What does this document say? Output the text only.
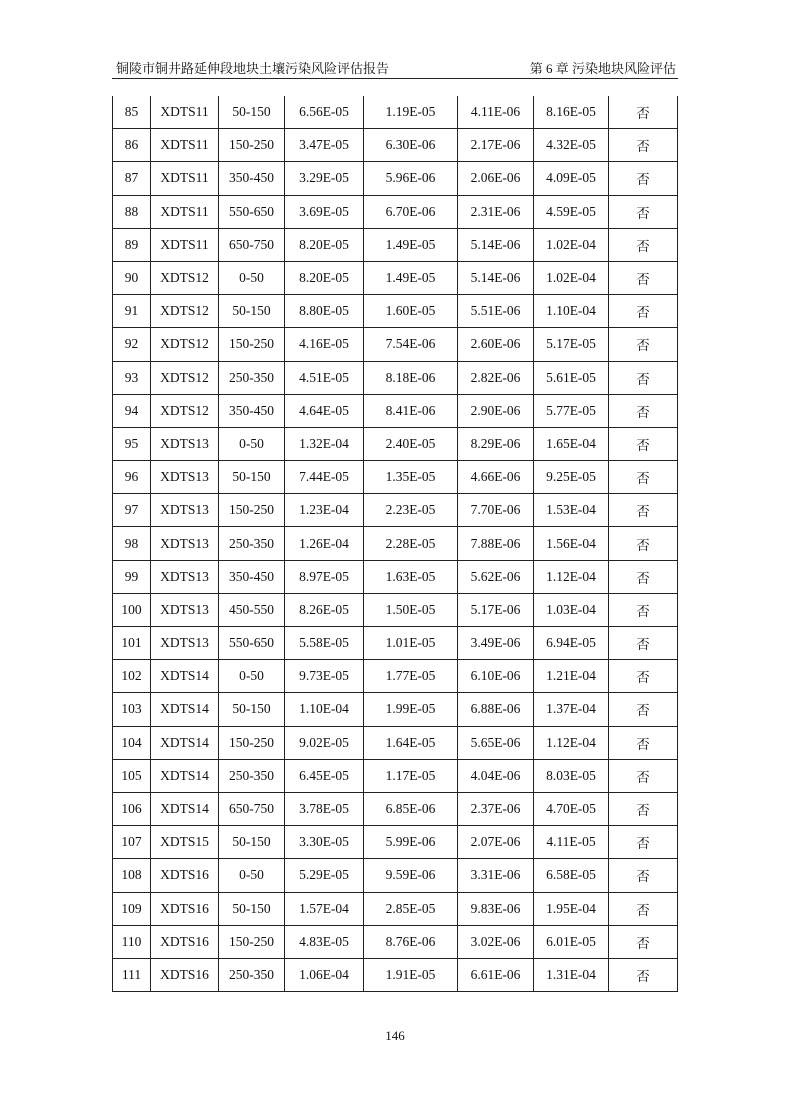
铜陵市铜井路延伸段地块土壤污染风险评估报告	第 6 章 污染地块风险评估
85	XDTS11	50-150	6.56E-05	1.19E-05	4.11E-06	8.16E-05	否
86	XDTS11	150-250	3.47E-05	6.30E-06	2.17E-06	4.32E-05	否
87	XDTS11	350-450	3.29E-05	5.96E-06	2.06E-06	4.09E-05	否
88	XDTS11	550-650	3.69E-05	6.70E-06	2.31E-06	4.59E-05	否
89	XDTS11	650-750	8.20E-05	1.49E-05	5.14E-06	1.02E-04	否
90	XDTS12	0-50	8.20E-05	1.49E-05	5.14E-06	1.02E-04	否
91	XDTS12	50-150	8.80E-05	1.60E-05	5.51E-06	1.10E-04	否
92	XDTS12	150-250	4.16E-05	7.54E-06	2.60E-06	5.17E-05	否
93	XDTS12	250-350	4.51E-05	8.18E-06	2.82E-06	5.61E-05	否
94	XDTS12	350-450	4.64E-05	8.41E-06	2.90E-06	5.77E-05	否
95	XDTS13	0-50	1.32E-04	2.40E-05	8.29E-06	1.65E-04	否
96	XDTS13	50-150	7.44E-05	1.35E-05	4.66E-06	9.25E-05	否
97	XDTS13	150-250	1.23E-04	2.23E-05	7.70E-06	1.53E-04	否
98	XDTS13	250-350	1.26E-04	2.28E-05	7.88E-06	1.56E-04	否
99	XDTS13	350-450	8.97E-05	1.63E-05	5.62E-06	1.12E-04	否
100	XDTS13	450-550	8.26E-05	1.50E-05	5.17E-06	1.03E-04	否
101	XDTS13	550-650	5.58E-05	1.01E-05	3.49E-06	6.94E-05	否
102	XDTS14	0-50	9.73E-05	1.77E-05	6.10E-06	1.21E-04	否
103	XDTS14	50-150	1.10E-04	1.99E-05	6.88E-06	1.37E-04	否
104	XDTS14	150-250	9.02E-05	1.64E-05	5.65E-06	1.12E-04	否
105	XDTS14	250-350	6.45E-05	1.17E-05	4.04E-06	8.03E-05	否
106	XDTS14	650-750	3.78E-05	6.85E-06	2.37E-06	4.70E-05	否
107	XDTS15	50-150	3.30E-05	5.99E-06	2.07E-06	4.11E-05	否
108	XDTS16	0-50	5.29E-05	9.59E-06	3.31E-06	6.58E-05	否
109	XDTS16	50-150	1.57E-04	2.85E-05	9.83E-06	1.95E-04	否
110	XDTS16	150-250	4.83E-05	8.76E-06	3.02E-06	6.01E-05	否
111	XDTS16	250-350	1.06E-04	1.91E-05	6.61E-06	1.31E-04	否
146
